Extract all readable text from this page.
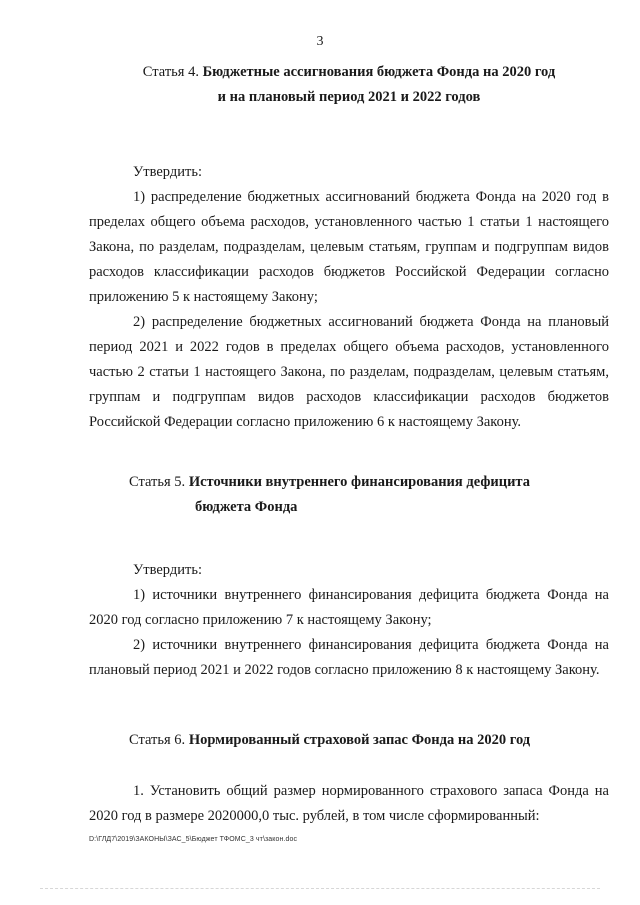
3

Статья 4. Бюджетные ассигнования бюджета Фонда на 2020 год
и на плановый период 2021 и 2022 годов

Утвердить:

1) распределение бюджетных ассигнований бюджета Фонда на 2020 год в пределах общего объема расходов, установленного частью 1 статьи 1 настоящего Закона, по разделам, подразделам, целевым статьям, группам и подгруппам видов расходов классификации расходов бюджетов Российской Федерации согласно приложению 5 к настоящему Закону;

2) распределение бюджетных ассигнований бюджета Фонда на плановый период 2021 и 2022 годов в пределах общего объема расходов, установленного частью 2 статьи 1 настоящего Закона, по разделам, подразделам, целевым статьям, группам и подгруппам видов расходов классификации расходов бюджетов Российской Федерации согласно приложению 6 к настоящему Закону.

Статья 5. Источники внутреннего финансирования дефицита
бюджета Фонда

Утвердить:

1) источники внутреннего финансирования дефицита бюджета Фонда на 2020 год согласно приложению 7 к настоящему Закону;

2) источники внутреннего финансирования дефицита бюджета Фонда на плановый период 2021 и 2022 годов согласно приложению 8 к настоящему Закону.

Статья 6. Нормированный страховой запас Фонда на 2020 год

1. Установить общий размер нормированного страхового запаса Фонда на 2020 год в размере 2020000,0 тыс. рублей, в том числе сформированный:

D:\ГЛД7\2019\ЗАКОНЫ\ЗАС_5\Бюджет ТФОМС_3 чт\закон.doc
